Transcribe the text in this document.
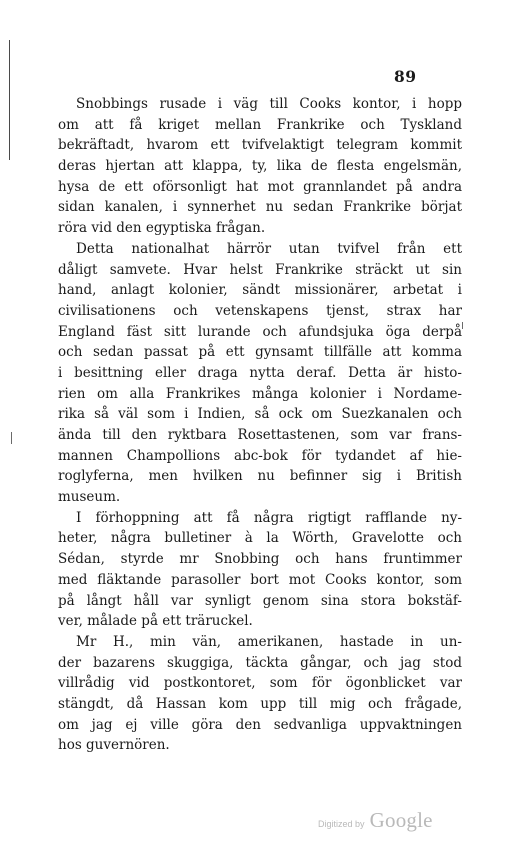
89
Snobbings rusade i väg till Cooks kontor, i hopp
om att få kriget mellan Frankrike och Tyskland
bekräftadt, hvarom ett tvifvelaktigt telegram kommit
deras hjertan att klappa, ty, lika de flesta engelsmän,
hysa de ett oförsonligt hat mot grannlandet på andra
sidan kanalen, i synnerhet nu sedan Frankrike börjat
röra vid den egyptiska frågan.
Detta nationalhat härrör utan tvifvel från ett
dåligt samvete. Hvar helst Frankrike sträckt ut sin
hand, anlagt kolonier, sändt missionärer, arbetat i
civilisationens och vetenskapens tjenst, strax har
England fäst sitt lurande och afundsjuka öga derpå
och sedan passat på ett gynsamt tillfälle att komma
i besittning eller draga nytta deraf. Detta är histo-
rien om alla Frankrikes många kolonier i Nordame-
rika så väl som i Indien, så ock om Suezkanalen och
ända till den ryktbara Rosettastenen, som var frans-
mannen Champollions abc-bok för tydandet af hie-
roglyferna, men hvilken nu befinner sig i British
museum.
I förhoppning att få några rigtigt rafflande ny-
heter, några bulletiner à la Wörth, Gravelotte och
Sédan, styrde mr Snobbing och hans fruntimmer
med fläktande parasoller bort mot Cooks kontor, som
på långt håll var synligt genom sina stora bokstäf-
ver, målade på ett träruckel.
Mr H., min vän, amerikanen, hastade in un-
der bazarens skuggiga, täckta gångar, och jag stod
villrådig vid postkontoret, som för ögonblicket var
stängdt, då Hassan kom upp till mig och frågade,
om jag ej ville göra den sedvanliga uppvaktningen
hos guvernören.
Digitized by Google
